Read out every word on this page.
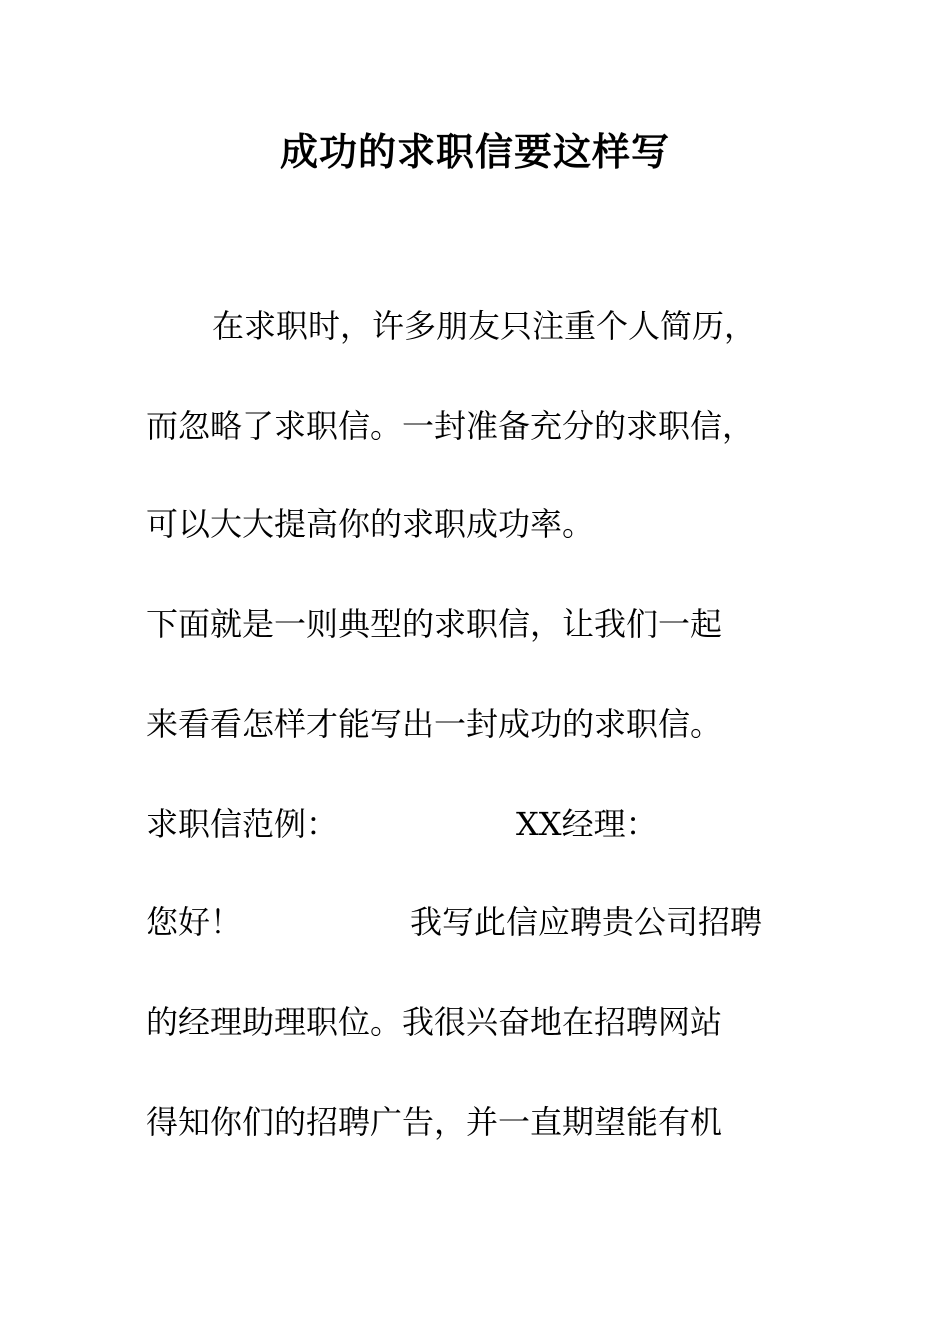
成功的求职信要这样写
在求职时，许多朋友只注重个人简历，
而忽略了求职信。一封准备充分的求职信，
可以大大提高你的求职成功率。
下面就是一则典型的求职信，让我们一起
来看看怎样才能写出一封成功的求职信。
求职信范例：	XX经理：
您好！	我写此信应聘贵公司招聘
的经理助理职位。我很兴奋地在招聘网站
得知你们的招聘广告，并一直期望能有机
